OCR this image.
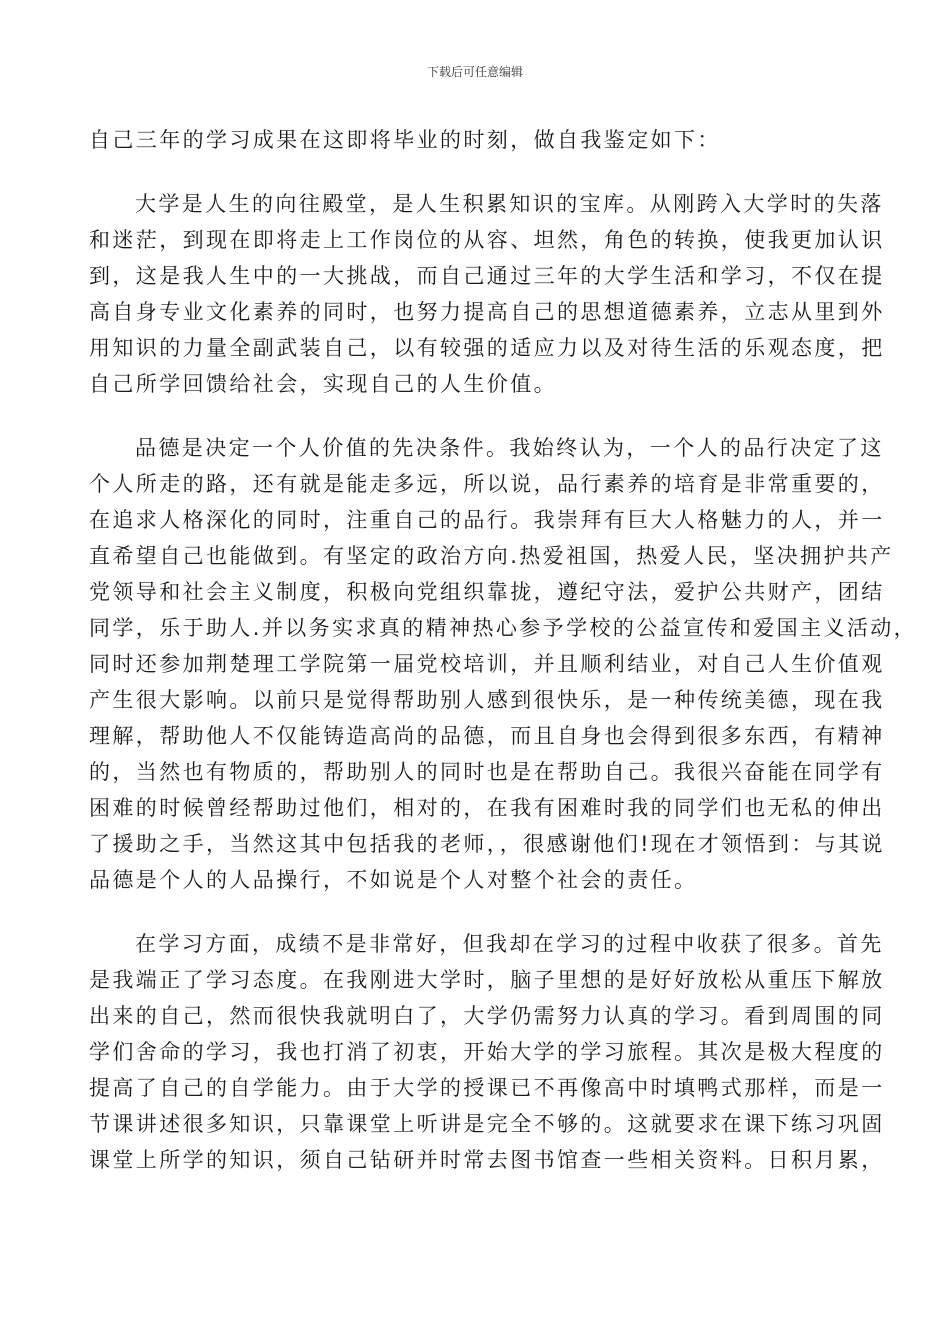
下载后可任意编辑
自己三年的学习成果在这即将毕业的时刻，做自我鉴定如下：
大学是人生的向往殿堂，是人生积累知识的宝库。从刚跨入大学时的失落
和迷茫，到现在即将走上工作岗位的从容、坦然，角色的转换，使我更加认识
到，这是我人生中的一大挑战，而自己通过三年的大学生活和学习，不仅在提
高自身专业文化素养的同时，也努力提高自己的思想道德素养，立志从里到外
用知识的力量全副武装自己，以有较强的适应力以及对待生活的乐观态度，把
自己所学回馈给社会，实现自己的人生价值。
品德是决定一个人价值的先决条件。我始终认为，一个人的品行决定了这
个人所走的路，还有就是能走多远，所以说，品行素养的培育是非常重要的，
在追求人格深化的同时，注重自己的品行。我崇拜有巨大人格魅力的人，并一
直希望自己也能做到。有坚定的政治方向.热爱祖国，热爱人民，坚决拥护共产
党领导和社会主义制度，积极向党组织靠拢，遵纪守法，爱护公共财产，团结
同学，乐于助人.并以务实求真的精神热心参予学校的公益宣传和爱国主义活动，
同时还参加荆楚理工学院第一届党校培训，并且顺利结业，对自己人生价值观
产生很大影响。以前只是觉得帮助别人感到很快乐，是一种传统美德，现在我
理解，帮助他人不仅能铸造高尚的品德，而且自身也会得到很多东西，有精神
的，当然也有物质的，帮助别人的同时也是在帮助自己。我很兴奋能在同学有
困难的时候曾经帮助过他们，相对的，在我有困难时我的同学们也无私的伸出
了援助之手，当然这其中包括我的老师，，很感谢他们!现在才领悟到：与其说
品德是个人的人品操行，不如说是个人对整个社会的责任。
在学习方面，成绩不是非常好，但我却在学习的过程中收获了很多。首先
是我端正了学习态度。在我刚进大学时，脑子里想的是好好放松从重压下解放
出来的自己，然而很快我就明白了，大学仍需努力认真的学习。看到周围的同
学们舍命的学习，我也打消了初衷，开始大学的学习旅程。其次是极大程度的
提高了自己的自学能力。由于大学的授课已不再像高中时填鸭式那样，而是一
节课讲述很多知识，只靠课堂上听讲是完全不够的。这就要求在课下练习巩固
课堂上所学的知识，须自己钻研并时常去图书馆查一些相关资料。日积月累，
